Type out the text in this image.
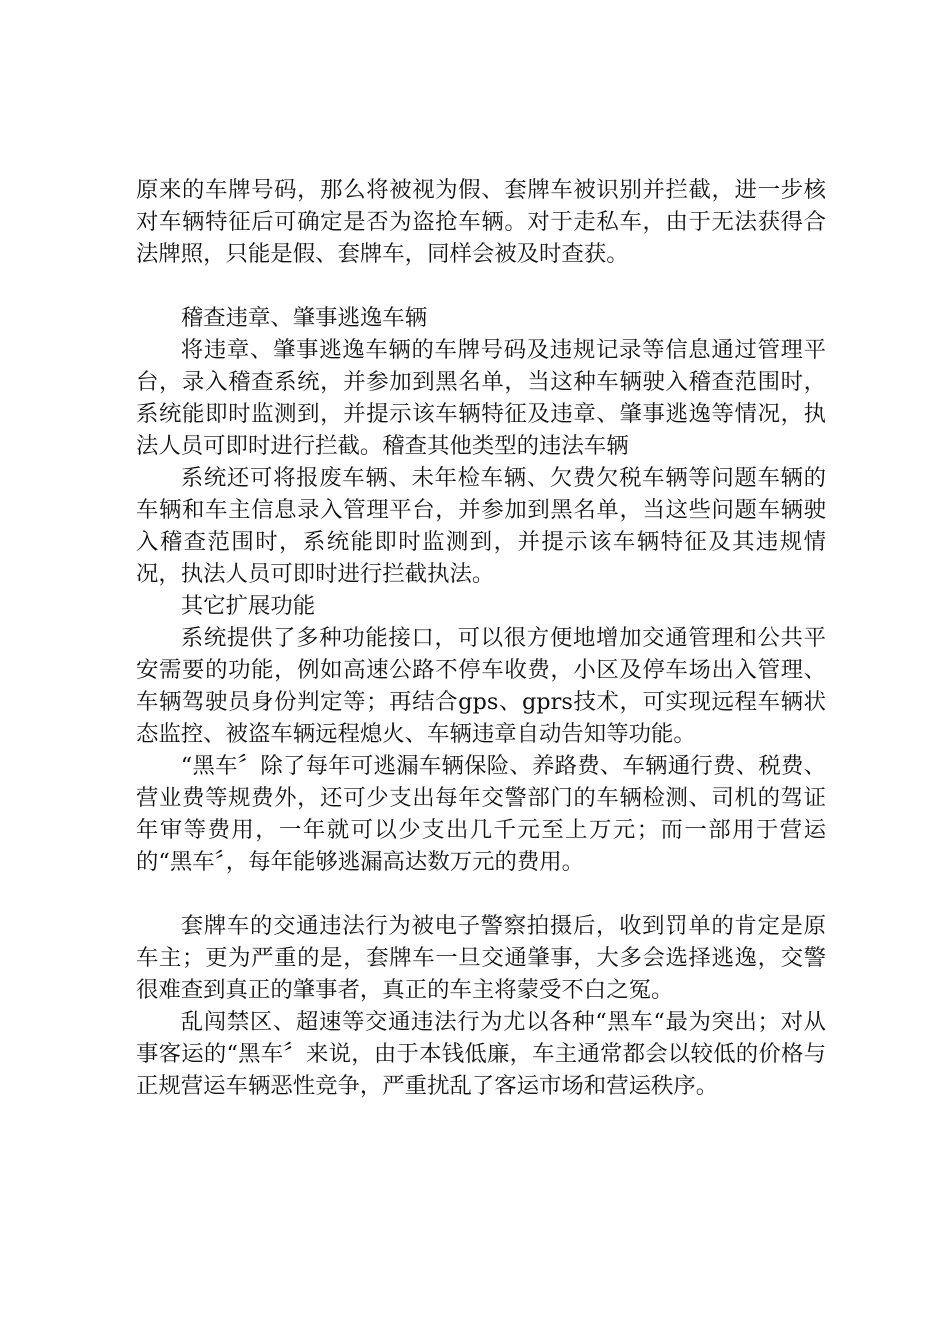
原来的车牌号码，那么将被视为假、套牌车被识别并拦截，进一步核对车辆特征后可确定是否为盗抢车辆。对于走私车，由于无法获得合法牌照，只能是假、套牌车，同样会被及时查获。

稽查违章、肇事逃逸车辆

将违章、肇事逃逸车辆的车牌号码及违规记录等信息通过管理平台，录入稽查系统，并参加到黑名单，当这种车辆驶入稽查范围时，系统能即时监测到，并提示该车辆特征及违章、肇事逃逸等情况，执法人员可即时进行拦截。稽查其他类型的违法车辆

系统还可将报废车辆、未年检车辆、欠费欠税车辆等问题车辆的车辆和车主信息录入管理平台，并参加到黑名单，当这些问题车辆驶入稽查范围时，系统能即时监测到，并提示该车辆特征及其违规情况，执法人员可即时进行拦截执法。

其它扩展功能

系统提供了多种功能接口，可以很方便地增加交通管理和公共平安需要的功能，例如高速公路不停车收费，小区及停车场出入管理、车辆驾驶员身份判定等；再结合gps、gprs技术，可实现远程车辆状态监控、被盗车辆远程熄火、车辆违章自动告知等功能。

“黑车〞除了每年可逃漏车辆保险、养路费、车辆通行费、税费、营业费等规费外，还可少支出每年交警部门的车辆检测、司机的驾证年审等费用，一年就可以少支出几千元至上万元；而一部用于营运的“黑车〞，每年能够逃漏高达数万元的费用。

套牌车的交通违法行为被电子警察拍摄后，收到罚单的肯定是原车主；更为严重的是，套牌车一旦交通肇事，大多会选择逃逸，交警很难查到真正的肇事者，真正的车主将蒙受不白之冤。

乱闯禁区、超速等交通违法行为尤以各种“黑车“最为突出；对从事客运的“黑车〞来说，由于本钱低廉，车主通常都会以较低的价格与正规营运车辆恶性竞争，严重扰乱了客运市场和营运秩序。
